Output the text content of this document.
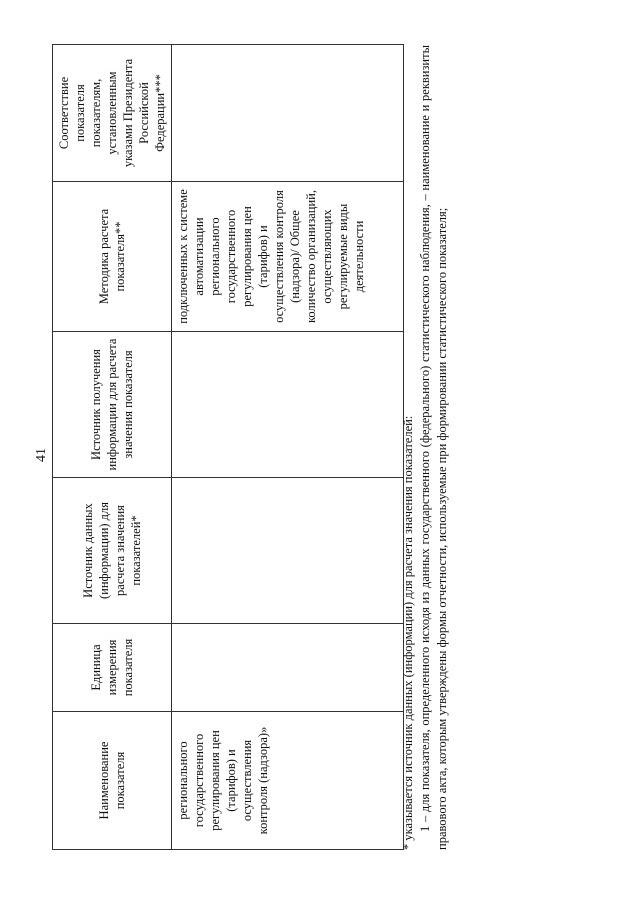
41
Наименование показателя	Единица измерения показателя	Источник данных (информации) для расчета значения показателей*	Источник получения информации для расчета значения показателя	Методика расчета показателя**	Соответствие показателя показателям, установленным указами Президента Российской Федерации***
регионального государственного регулирования цен (тарифов) и осуществления контроля (надзора)»				подключенных к системе автоматизации регионального государственного регулирования цен (тарифов) и осуществления контроля (надзора)/ Общее количество организаций, осуществляющих регулируемые виды деятельности	

* указывается источник данных (информации) для расчета значения показателей: 1 – для показателя, определенного исходя из данных государственного (федерального) статистического наблюдения, – наименование и реквизиты правового акта, которым утверждены формы отчетности, используемые при формировании статистического показателя;
